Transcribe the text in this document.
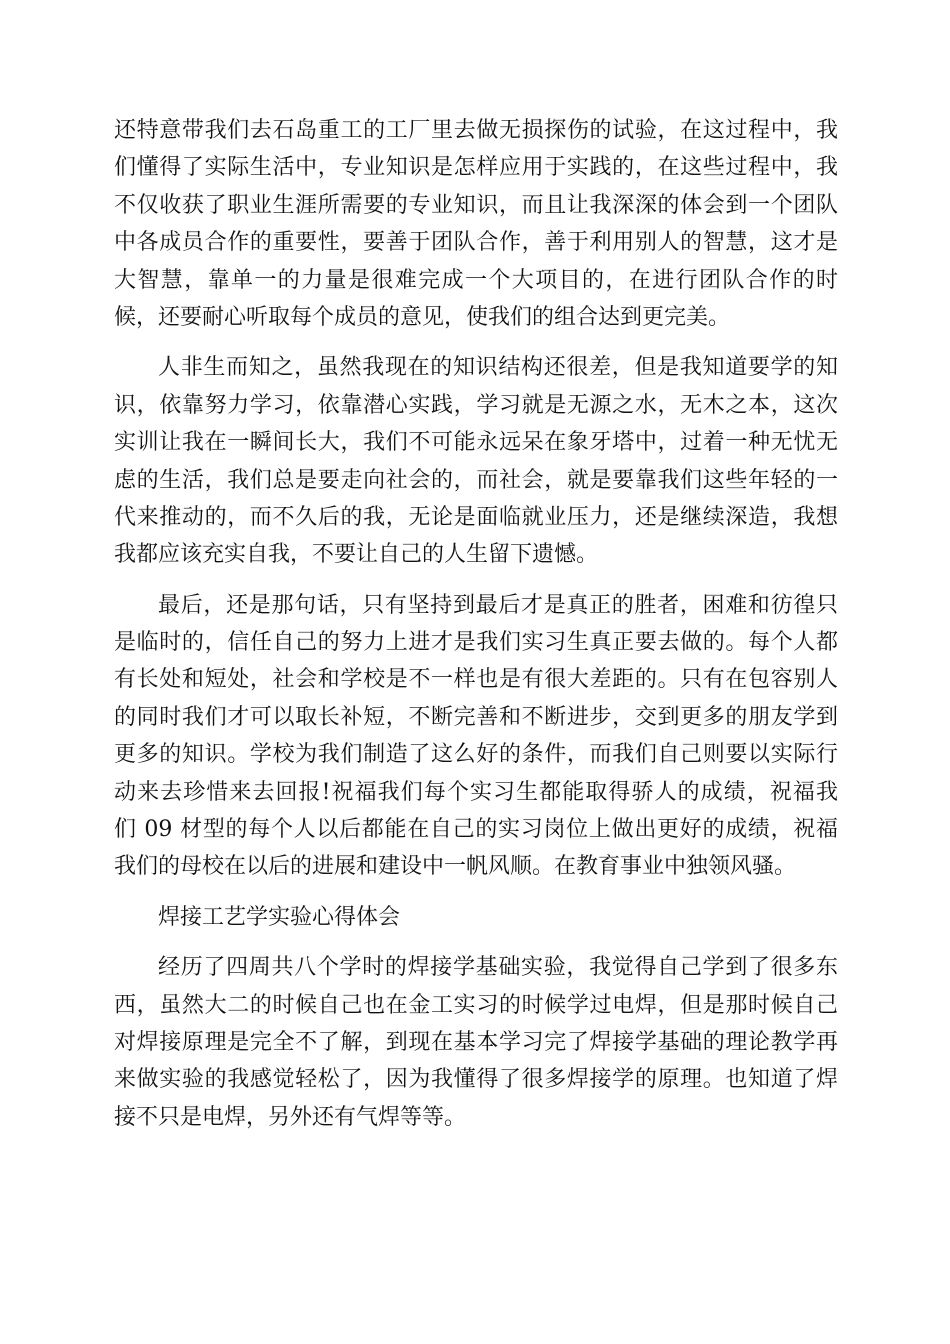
还特意带我们去石岛重工的工厂里去做无损探伤的试验，在这过程中，我
们懂得了实际生活中，专业知识是怎样应用于实践的，在这些过程中，我
不仅收获了职业生涯所需要的专业知识，而且让我深深的体会到一个团队
中各成员合作的重要性，要善于团队合作，善于利用别人的智慧，这才是
大智慧，靠单一的力量是很难完成一个大项目的，在进行团队合作的时
候，还要耐心听取每个成员的意见，使我们的组合达到更完美。
人非生而知之，虽然我现在的知识结构还很差，但是我知道要学的知
识，依靠努力学习，依靠潜心实践，学习就是无源之水，无木之本，这次
实训让我在一瞬间长大，我们不可能永远呆在象牙塔中，过着一种无忧无
虑的生活，我们总是要走向社会的，而社会，就是要靠我们这些年轻的一
代来推动的，而不久后的我，无论是面临就业压力，还是继续深造，我想
我都应该充实自我，不要让自己的人生留下遗憾。
最后，还是那句话，只有坚持到最后才是真正的胜者，困难和彷徨只
是临时的，信任自己的努力上进才是我们实习生真正要去做的。每个人都
有长处和短处，社会和学校是不一样也是有很大差距的。只有在包容别人
的同时我们才可以取长补短，不断完善和不断进步，交到更多的朋友学到
更多的知识。学校为我们制造了这么好的条件，而我们自己则要以实际行
动来去珍惜来去回报!祝福我们每个实习生都能取得骄人的成绩，祝福我
们 09 材型的每个人以后都能在自己的实习岗位上做出更好的成绩，祝福
我们的母校在以后的进展和建设中一帆风顺。在教育事业中独领风骚。
焊接工艺学实验心得体会
经历了四周共八个学时的焊接学基础实验，我觉得自己学到了很多东
西，虽然大二的时候自己也在金工实习的时候学过电焊，但是那时候自己
对焊接原理是完全不了解，到现在基本学习完了焊接学基础的理论教学再
来做实验的我感觉轻松了，因为我懂得了很多焊接学的原理。也知道了焊
接不只是电焊，另外还有气焊等等。
